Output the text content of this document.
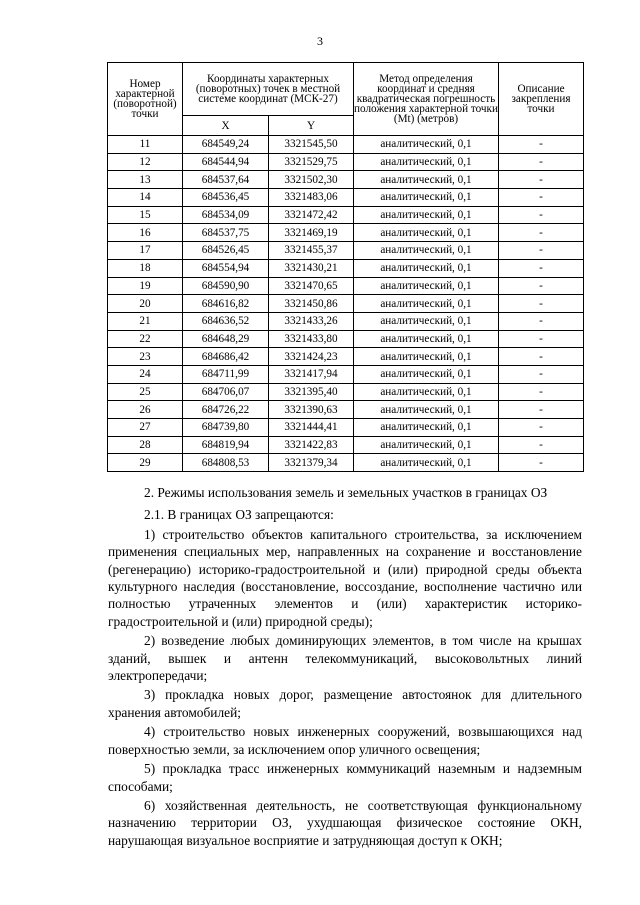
3
Номер характерной (поворотной) точки	Координаты характерных (поворотных) точек в местной системе координат (МСК-27)		Метод определения координат и средняя квадратическая погрешность положения характерной точки (Mt) (метров)	Описание закрепления точки
	X	Y		
11	684549,24	3321545,50	аналитический, 0,1	-
12	684544,94	3321529,75	аналитический, 0,1	-
13	684537,64	3321502,30	аналитический, 0,1	-
14	684536,45	3321483,06	аналитический, 0,1	-
15	684534,09	3321472,42	аналитический, 0,1	-
16	684537,75	3321469,19	аналитический, 0,1	-
17	684526,45	3321455,37	аналитический, 0,1	-
18	684554,94	3321430,21	аналитический, 0,1	-
19	684590,90	3321470,65	аналитический, 0,1	-
20	684616,82	3321450,86	аналитический, 0,1	-
21	684636,52	3321433,26	аналитический, 0,1	-
22	684648,29	3321433,80	аналитический, 0,1	-
23	684686,42	3321424,23	аналитический, 0,1	-
24	684711,99	3321417,94	аналитический, 0,1	-
25	684706,07	3321395,40	аналитический, 0,1	-
26	684726,22	3321390,63	аналитический, 0,1	-
27	684739,80	3321444,41	аналитический, 0,1	-
28	684819,94	3321422,83	аналитический, 0,1	-
29	684808,53	3321379,34	аналитический, 0,1	-

2. Режимы использования земель и земельных участков в границах ОЗ

2.1. В границах ОЗ запрещаются:

1) строительство объектов капитального строительства, за исключением применения специальных мер, направленных на сохранение и восстановление (регенерацию) историко-градостроительной и (или) природной среды объекта культурного наследия (восстановление, воссоздание, восполнение частично или полностью утраченных элементов и (или) характеристик историко-градостроительной и (или) природной среды);

2) возведение любых доминирующих элементов, в том числе на крышах зданий, вышек и антенн телекоммуникаций, высоковольтных линий электропередачи;

3) прокладка новых дорог, размещение автостоянок для длительного хранения автомобилей;

4) строительство новых инженерных сооружений, возвышающихся над поверхностью земли, за исключением опор уличного освещения;

5) прокладка трасс инженерных коммуникаций наземным и надземным способами;

6) хозяйственная деятельность, не соответствующая функциональному назначению территории ОЗ, ухудшающая физическое состояние ОКН, нарушающая визуальное восприятие и затрудняющая доступ к ОКН;
